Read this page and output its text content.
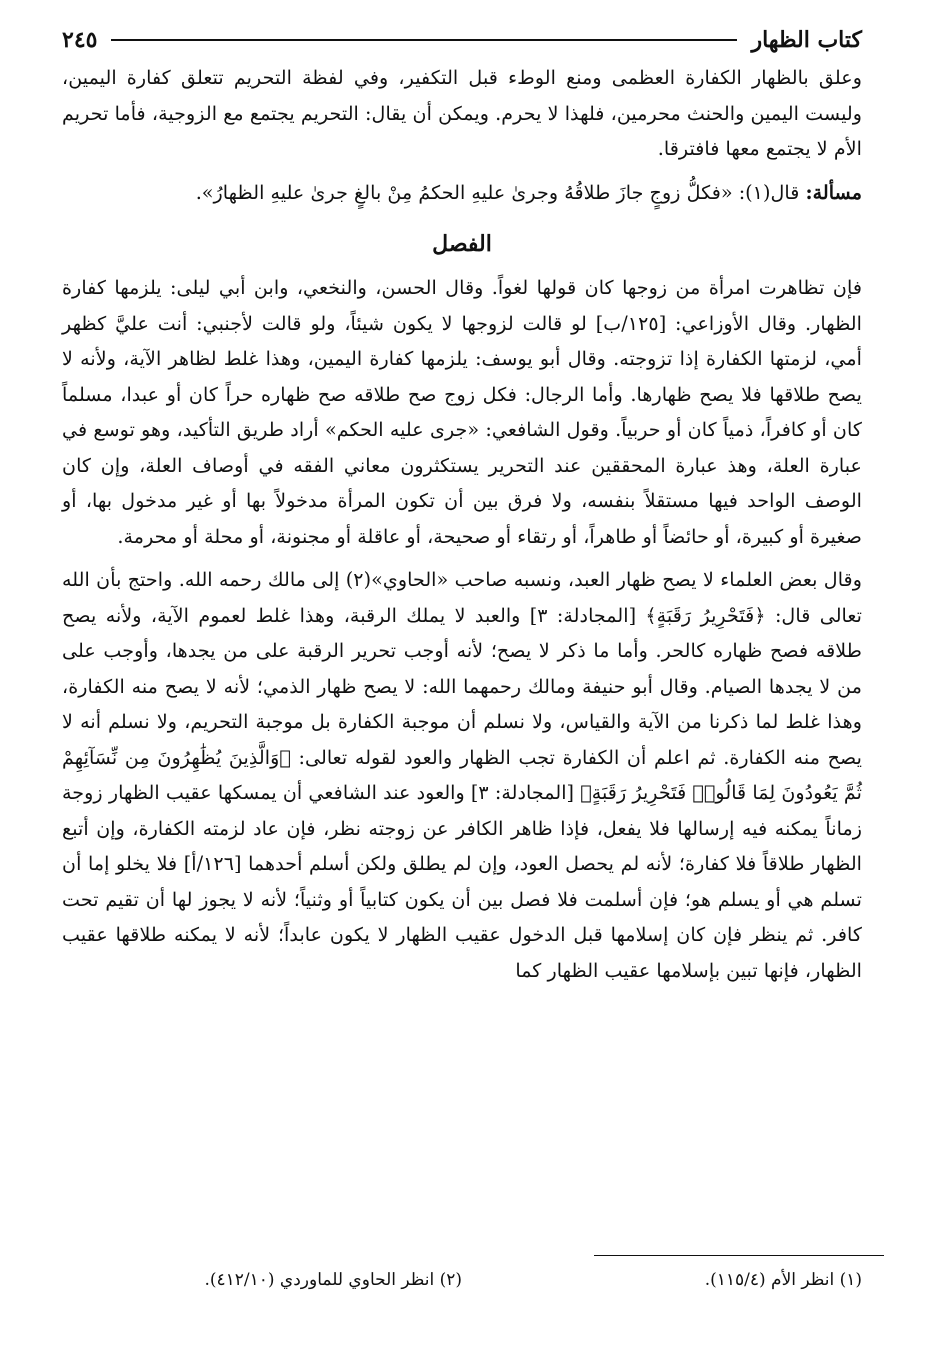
كتاب الظهار
٢٤٥

وعلق بالظهار الكفارة العظمى ومنع الوطء قبل التكفير، وفي لفظة التحريم تتعلق كفارة اليمين، وليست اليمين والحنث محرمين، فلهذا لا يحرم. ويمكن أن يقال: التحريم يجتمع مع الزوجية، فأما تحريم الأم لا يجتمع معها فافترقا.

مسألة: قال(١): «فكلُّ زوجٍ جازَ طلاقُهُ وجرىٰ عليهِ الحكمُ مِنْ بالغٍ جرىٰ عليهِ الظهارُ».

الفصل

فإن تظاهرت امرأة من زوجها كان قولها لغواً. وقال الحسن، والنخعي، وابن أبي ليلى: يلزمها كفارة الظهار. وقال الأوزاعي: [١٢٥/ب] لو قالت لزوجها لا يكون شيئاً، ولو قالت لأجنبي: أنت عليَّ كظهر أمي، لزمتها الكفارة إذا تزوجته. وقال أبو يوسف: يلزمها كفارة اليمين، وهذا غلط لظاهر الآية، ولأنه لا يصح طلاقها فلا يصح ظهارها. وأما الرجال: فكل زوج صح طلاقه صح ظهاره حراً كان أو عبدا، مسلماً كان أو كافراً، ذمياً كان أو حربياً. وقول الشافعي: «جرى عليه الحكم» أراد طريق التأكيد، وهو توسع في عبارة العلة، وهذ عبارة المحققين عند التحرير يستكثرون معاني الفقه في أوصاف العلة، وإن كان الوصف الواحد فيها مستقلاً بنفسه، ولا فرق بين أن تكون المرأة مدخولاً بها أو غير مدخول بها، أو صغيرة أو كبيرة، أو حائضاً أو طاهراً، أو رتقاء أو صحيحة، أو عاقلة أو مجنونة، أو محلة أو محرمة.

وقال بعض العلماء لا يصح ظهار العبد، ونسبه صاحب «الحاوي»(٢) إلى مالك رحمه الله. واحتج بأن الله تعالى قال: ﴿فَتَحْرِيرُ رَقَبَةٍ﴾ [المجادلة: ٣] والعبد لا يملك الرقبة، وهذا غلط لعموم الآية، ولأنه يصح طلاقه فصح ظهاره كالحر. وأما ما ذكر لا يصح؛ لأنه أوجب تحرير الرقبة على من يجدها، وأوجب على من لا يجدها الصيام. وقال أبو حنيفة ومالك رحمهما الله: لا يصح ظهار الذمي؛ لأنه لا يصح منه الكفارة، وهذا غلط لما ذكرنا من الآية والقياس، ولا نسلم أن موجبة الكفارة بل موجبة التحريم، ولا نسلم أنه لا يصح منه الكفارة. ثم اعلم أن الكفارة تجب الظهار والعود لقوله تعالى: ﴿وَالَّذِينَ يُظَٰهِرُونَ مِن نِّسَآئِهِمْ ثُمَّ يَعُودُونَ لِمَا قَالُوا۟ فَتَحْرِيرُ رَقَبَةٍ﴾ [المجادلة: ٣] والعود عند الشافعي أن يمسكها عقيب الظهار زوجة زماناً يمكنه فيه إرسالها فلا يفعل، فإذا ظاهر الكافر عن زوجته نظر، فإن عاد لزمته الكفارة، وإن أتبع الظهار طلاقاً فلا كفارة؛ لأنه لم يحصل العود، وإن لم يطلق ولكن أسلم أحدهما [١٢٦/أ] فلا يخلو إما أن تسلم هي أو يسلم هو؛ فإن أسلمت فلا فصل بين أن يكون كتابياً أو وثنياً؛ لأنه لا يجوز لها أن تقيم تحت كافر. ثم ينظر فإن كان إسلامها قبل الدخول عقيب الظهار لا يكون عابداً؛ لأنه لا يمكنه طلاقها عقيب الظهار، فإنها تبين بإسلامها عقيب الظهار كما

(١) انظر الأم (١١٥/٤).
(٢) انظر الحاوي للماوردي (٤١٢/١٠).
